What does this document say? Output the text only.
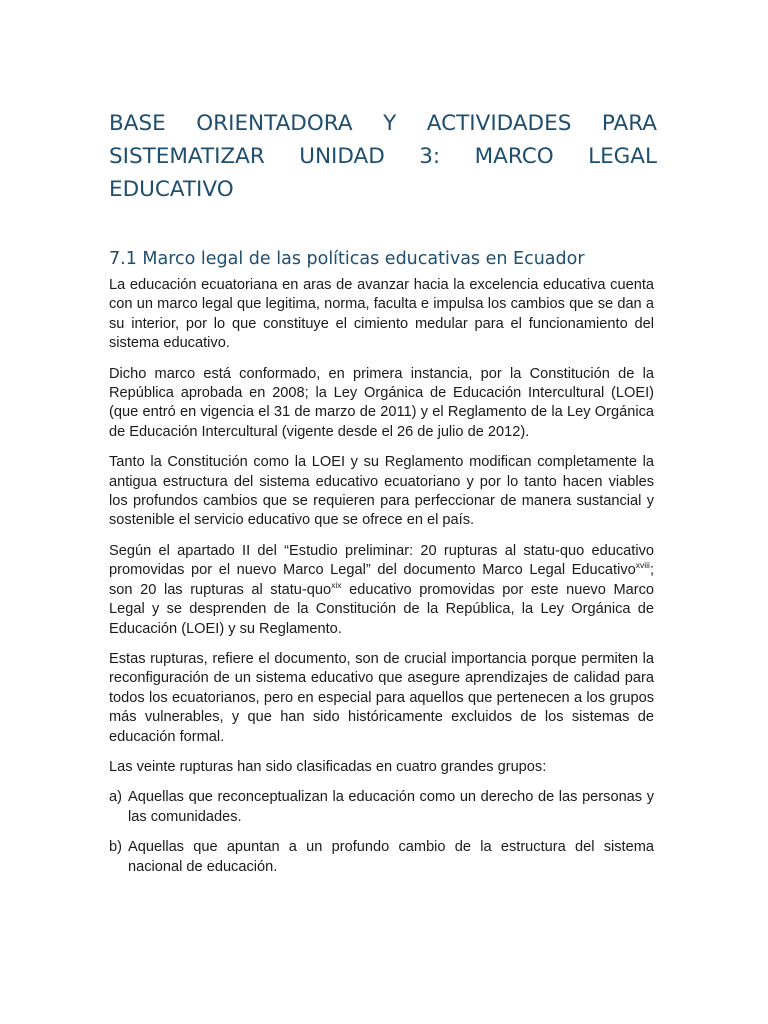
BASE ORIENTADORA Y ACTIVIDADES PARA SISTEMATIZAR UNIDAD 3: MARCO LEGAL EDUCATIVO
7.1 Marco legal de las políticas educativas en Ecuador

La educación ecuatoriana en aras de avanzar hacia la excelencia educativa cuenta con un marco legal que legitima, norma, faculta e impulsa los cambios que se dan a su interior, por lo que constituye el cimiento medular para el funcionamiento del sistema educativo.

Dicho marco está conformado, en primera instancia, por la Constitución de la República aprobada en 2008; la Ley Orgánica de Educación Intercultural (LOEI) (que entró en vigencia el 31 de marzo de 2011) y el Reglamento de la Ley Orgánica de Educación Intercultural (vigente desde el 26 de julio de 2012).

Tanto la Constitución como la LOEI y su Reglamento modifican completamente la antigua estructura del sistema educativo ecuatoriano y por lo tanto hacen viables los profundos cambios que se requieren para perfeccionar de manera sustancial y sostenible el servicio educativo que se ofrece en el país.

Según el apartado II del “Estudio preliminar: 20 rupturas al statu-quo educativo promovidas por el nuevo Marco Legal” del documento Marco Legal Educativo$^{xviii}$; son 20 las rupturas al statu-quo$^{xix}$ educativo promovidas por este nuevo Marco Legal y se desprenden de la Constitución de la República, la Ley Orgánica de Educación (LOEI) y su Reglamento.

Estas rupturas, refiere el documento, son de crucial importancia porque permiten la reconfiguración de un sistema educativo que asegure aprendizajes de calidad para todos los ecuatorianos, pero en especial para aquellos que pertenecen a los grupos más vulnerables, y que han sido históricamente excluidos de los sistemas de educación formal.

Las veinte rupturas han sido clasificadas en cuatro grandes grupos:

a) Aquellas que reconceptualizan la educación como un derecho de las personas y las comunidades.
b) Aquellas que apuntan a un profundo cambio de la estructura del sistema nacional de educación.
